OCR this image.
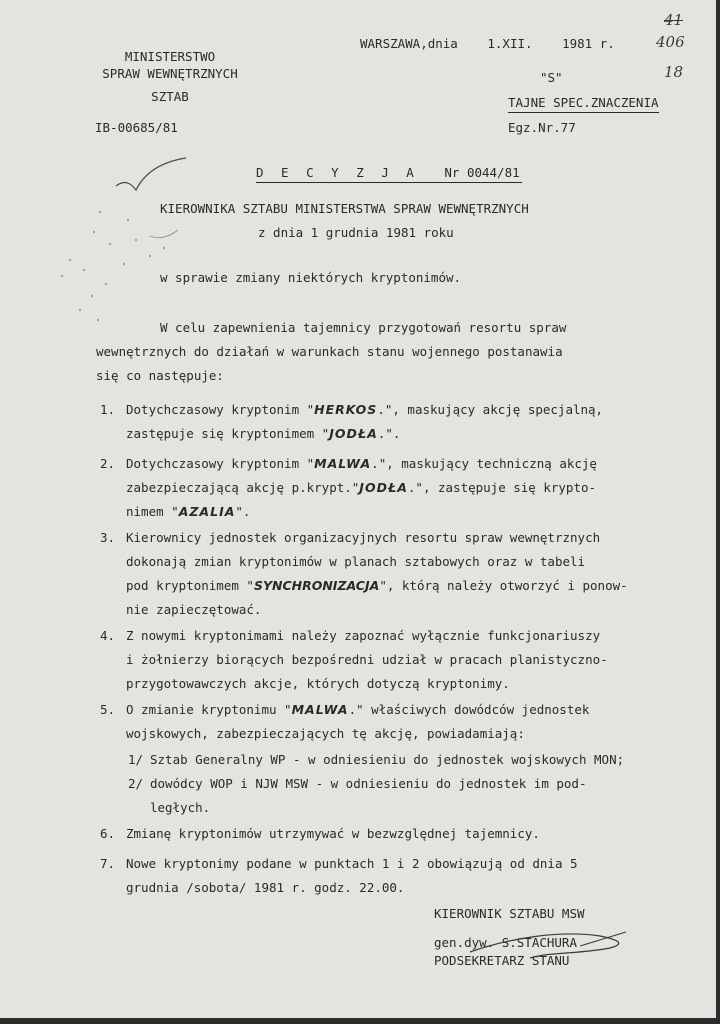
MINISTERSTWO
SPRAW WEWNĘTRZNYCH
SZTAB
IB-00685/81
WARSZAWA,dnia 1.XII. 1981 r.
41
406
18
"S"
TAJNE SPEC.ZNACZENIA
Egz.Nr.77
D E C Y Z J A Nr 0044/81
KIEROWNIKA SZTABU MINISTERSTWA SPRAW WEWNĘTRZNYCH
z dnia 1 grudnia 1981 roku
w sprawie zmiany niektórych kryptonimów.
W celu zapewnienia tajemnicy przygotowań resortu spraw
wewnętrznych do działań w warunkach stanu wojennego postanawia
się co następuje:
1. Dotychczasowy kryptonim "HERKOS.", maskujący akcję specjalną,
zastępuje się kryptonimem "JODŁA.".
2. Dotychczasowy kryptonim "MALWA.", maskujący techniczną akcję
zabezpieczającą akcję p.krypt."JODŁA.", zastępuje się krypto-
nimem "AZALIA".
3. Kierownicy jednostek organizacyjnych resortu spraw wewnętrznych
dokonają zmian kryptonimów w planach sztabowych oraz w tabeli
pod kryptonimem "SYNCHRONIZACJA", którą należy otworzyć i ponow-
nie zapieczętować.
4. Z nowymi kryptonimami należy zapoznać wyłącznie funkcjonariuszy
i żołnierzy biorących bezpośredni udział w pracach planistyczno-
przygotowawczych akcje, których dotyczą kryptonimy.
5. O zmianie kryptonimu "MALWA." właściwych dowódców jednostek
wojskowych, zabezpieczających tę akcję, powiadamiają:
1/ Sztab Generalny WP - w odniesieniu do jednostek wojskowych MON;
2/ dowódcy WOP i NJW MSW - w odniesieniu do jednostek im pod-
ległych.
6. Zmianę kryptonimów utrzymywać w bezwzględnej tajemnicy.
7. Nowe kryptonimy podane w punktach 1 i 2 obowiązują od dnia 5
grudnia /sobota/ 1981 r. godz. 22.00.
KIEROWNIK SZTABU MSW
gen.dyw. S.STACHURA
PODSEKRETARZ STANU
